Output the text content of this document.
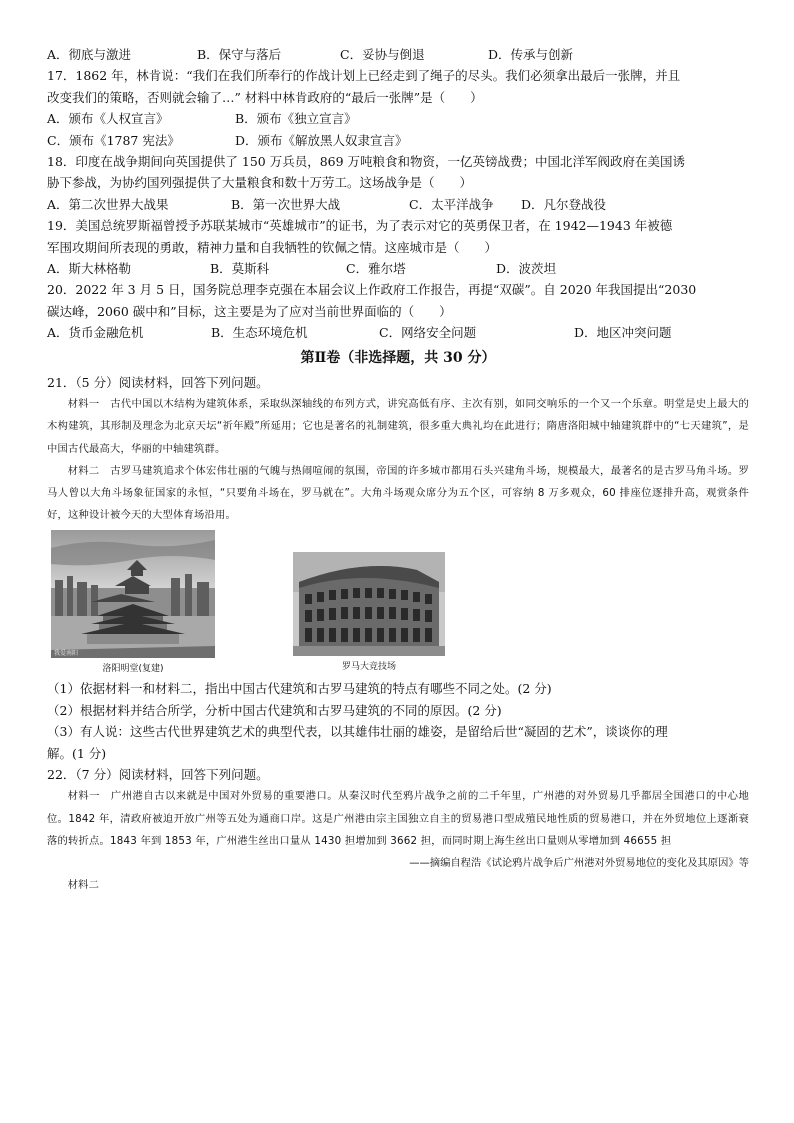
A．彻底与激进	B．保守与落后	C．妥协与倒退	D．传承与创新
17．1862 年，林肯说：“我们在我们所奉行的作战计划上已经走到了绳子的尽头。我们必须拿出最后一张牌，并且
改变我们的策略，否则就会输了…” 材料中林肯政府的“最后一张牌”是（　　）
A．颁布《人权宣言》	B．颁布《独立宣言》
C．颁布《1787 宪法》	D．颁布《解放黑人奴隶宣言》
18．印度在战争期间向英国提供了 150 万兵员，869 万吨粮食和物资，一亿英镑战费；中国北洋军阀政府在美国诱
胁下参战，为协约国列强提供了大量粮食和数十万劳工。这场战争是（　　）
A．第二次世界大战果	B．第一次世界大战	C．太平洋战争	D．凡尔登战役
19．美国总统罗斯福曾授予苏联某城市“英雄城市”的证书，为了表示对它的英勇保卫者，在 1942—1943 年被德
军围攻期间所表现的勇敢，精神力量和自我牺牲的钦佩之情。这座城市是（　　）
A．斯大林格勒	B．莫斯科	C．雅尔塔	D．波茨坦
20．2022 年 3 月 5 日，国务院总理李克强在本届会议上作政府工作报告，再提“双碳”。自 2020 年我国提出“2030
碳达峰，2060 碳中和”目标，这主要是为了应对当前世界面临的（　　）
A．货币金融危机	B．生态环境危机	C．网络安全问题	D．地区冲突问题
第Ⅱ卷（非选择题，共 30 分）
21．（5 分）阅读材料，回答下列问题。
材料一　古代中国以木结构为建筑体系，采取纵深轴线的布列方式，讲究高低有序、主次有别，如同交响乐的一个又一个乐章。明堂是史上最大的木构建筑，其形制及理念为北京天坛“祈年殿”所延用；它也是著名的礼制建筑，很多重大典礼均在此进行；隋唐洛阳城中轴建筑群中的“七天建筑”，是中国古代最高大，华丽的中轴建筑群。
材料二　古罗马建筑追求个体宏伟壮丽的气魄与热闹喧闹的氛围，帝国的许多城市都用石头兴建角斗场，规模最大，最著名的是古罗马角斗场。罗马人曾以大角斗场象征国家的永恒，“只要角斗场在，罗马就在”。大角斗场观众席分为五个区，可容纳 8 万多观众，60 排座位逐排升高，观赏条件好，这种设计被今天的大型体育场沿用。
我爱南阳
洛阳明堂(复建)	罗马大竞技场
（1）依据材料一和材料二，指出中国古代建筑和古罗马建筑的特点有哪些不同之处。(2 分)
（2）根据材料并结合所学，分析中国古代建筑和古罗马建筑的不同的原因。(2 分)
（3）有人说：这些古代世界建筑艺术的典型代表，以其雄伟壮丽的雄姿，是留给后世“凝固的艺术”，谈谈你的理
解。(1 分)
22．（7 分）阅读材料，回答下列问题。
材料一　广州港自古以来就是中国对外贸易的重要港口。从秦汉时代至鸦片战争之前的二千年里，广州港的对外贸易几乎都居全国港口的中心地位。1842 年，清政府被迫开放广州等五处为通商口岸。这是广州港由宗主国独立自主的贸易港口型成殖民地性质的贸易港口，并在外贸地位上逐渐衰落的转折点。1843 年到 1853 年，广州港生丝出口量从 1430 担增加到 3662 担，而同时期上海生丝出口量则从零增加到 46655 担
——摘编自程浩《试论鸦片战争后广州港对外贸易地位的变化及其原因》等
材料二
